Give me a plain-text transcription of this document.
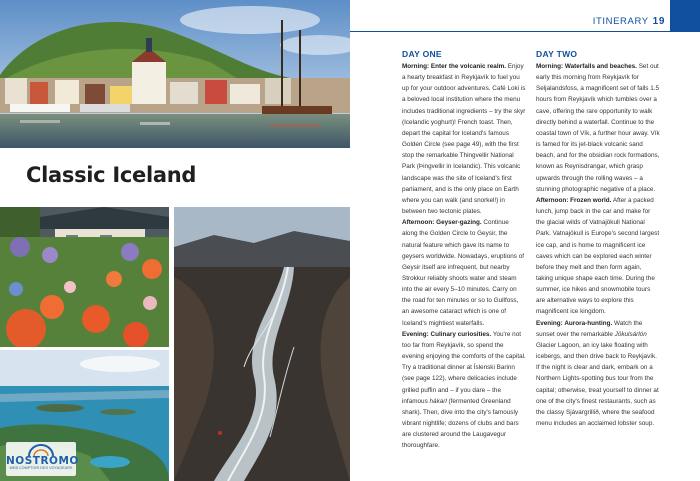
Classic Iceland
NOSTROMO
WEB COMPTOIR DES VOYAGEURS
ITINERARY 19
DAY ONE

Morning: Enter the volcanic realm. Enjoy a hearty breakfast in Reykjavík to fuel you up for your outdoor adventures. Café Loki is a beloved local institution where the menu includes traditional ingredients – try the skyr (Icelandic yoghurt)! French toast. Then, depart the capital for Iceland's famous Golden Circle (see page 49), with the first stop the remarkable Thingvellir National Park (Þingvellir in Icelandic). This volcanic landscape was the site of Iceland's first parliament, and is the only place on Earth where you can walk (and snorkel!) in between two tectonic plates.

Afternoon: Geyser-gazing. Continue along the Golden Circle to Geysir, the natural feature which gave its name to geysers worldwide. Nowadays, eruptions of Geysir itself are infrequent, but nearby Strokkur reliably shoots water and steam into the air every 5–10 minutes. Carry on the road for ten minutes or so to Gullfoss, an awesome cataract which is one of Iceland's mightiest waterfalls.

Evening: Culinary curiosities. You're not too far from Reykjavík, so spend the evening enjoying the comforts of the capital. Try a traditional dinner at Íslenski Barinn (see page 122), where delicacies include grilled puffin and – if you dare – the infamous hákarl (fermented Greenland shark). Then, dive into the city's famously vibrant nightlife; dozens of clubs and bars are clustered around the Laugavegur thoroughfare.

DAY TWO

Morning: Waterfalls and beaches. Set out early this morning from Reykjavík for Seljalandsfoss, a magnificent set of falls 1.5 hours from Reykjavík which tumbles over a cave, offering the rare opportunity to walk directly behind a waterfall. Continue to the coastal town of Vík, a further hour away. Vík is famed for its jet-black volcanic sand beach, and for the obsidian rock formations, known as Reynisdrangar, which grasp upwards through the rolling waves – a stunning photographic negative of a place.

Afternoon: Frozen world. After a packed lunch, jump back in the car and make for the glacial wilds of Vatnajökull National Park. Vatnajökull is Europe's second largest ice cap, and is home to magnificent ice caves which can be explored each winter before they melt and then form again, taking unique shape each time. During the summer, ice hikes and snowmobile tours are alternative ways to explore this magnificent ice kingdom.

Evening: Aurora-hunting. Watch the sunset over the remarkable Jökulsárlón Glacier Lagoon, an icy lake floating with icebergs, and then drive back to Reykjavík. If the night is clear and dark, embark on a Northern Lights-spotting bus tour from the capital; otherwise, treat yourself to dinner at one of the city's finest restaurants, such as the classy Sjávargrillið, where the seafood menu includes an acclaimed lobster soup.
